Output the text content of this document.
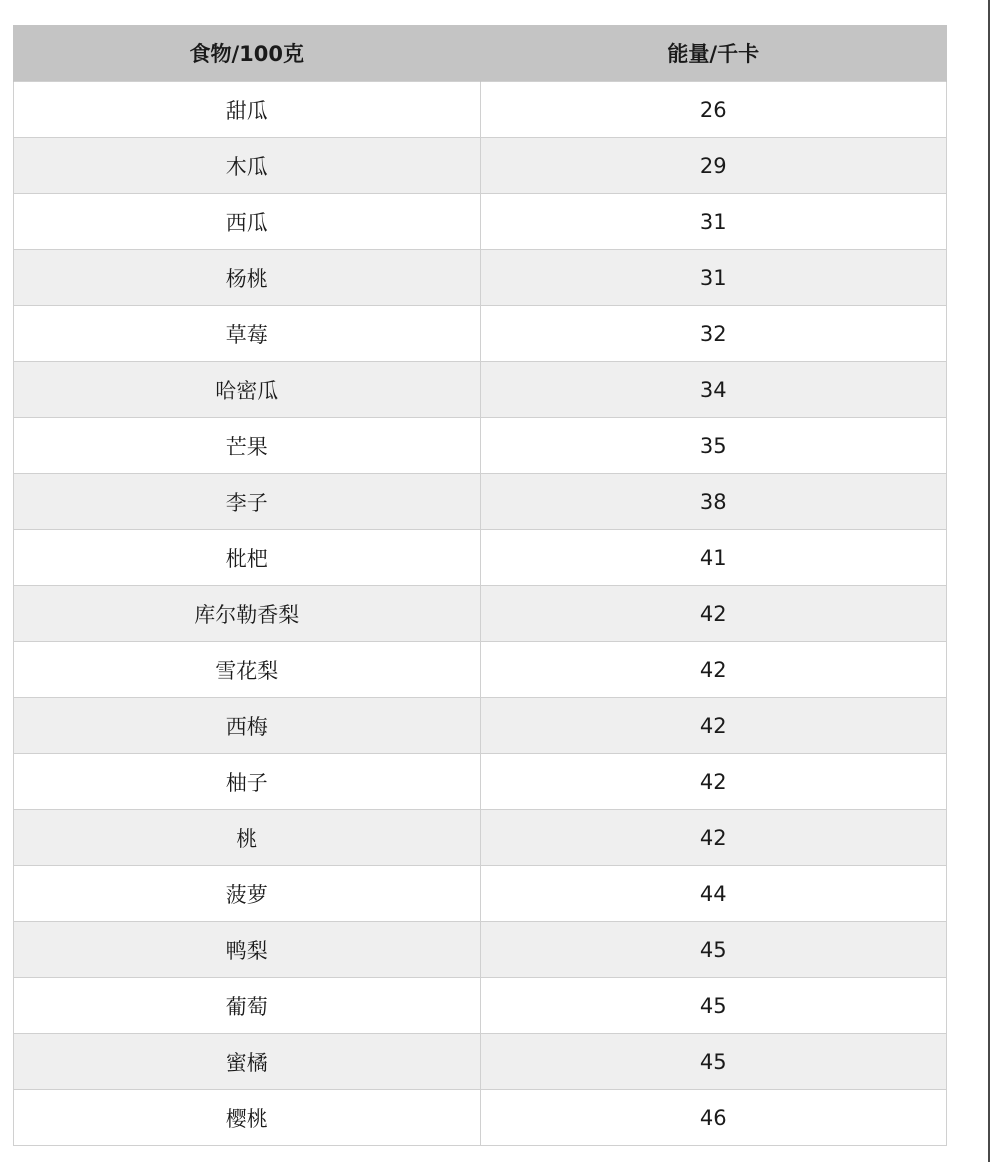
食物/100克	能量/千卡
甜瓜	26
木瓜	29
西瓜	31
杨桃	31
草莓	32
哈密瓜	34
芒果	35
李子	38
枇杷	41
库尔勒香梨	42
雪花梨	42
西梅	42
柚子	42
桃	42
菠萝	44
鸭梨	45
葡萄	45
蜜橘	45
樱桃	46
